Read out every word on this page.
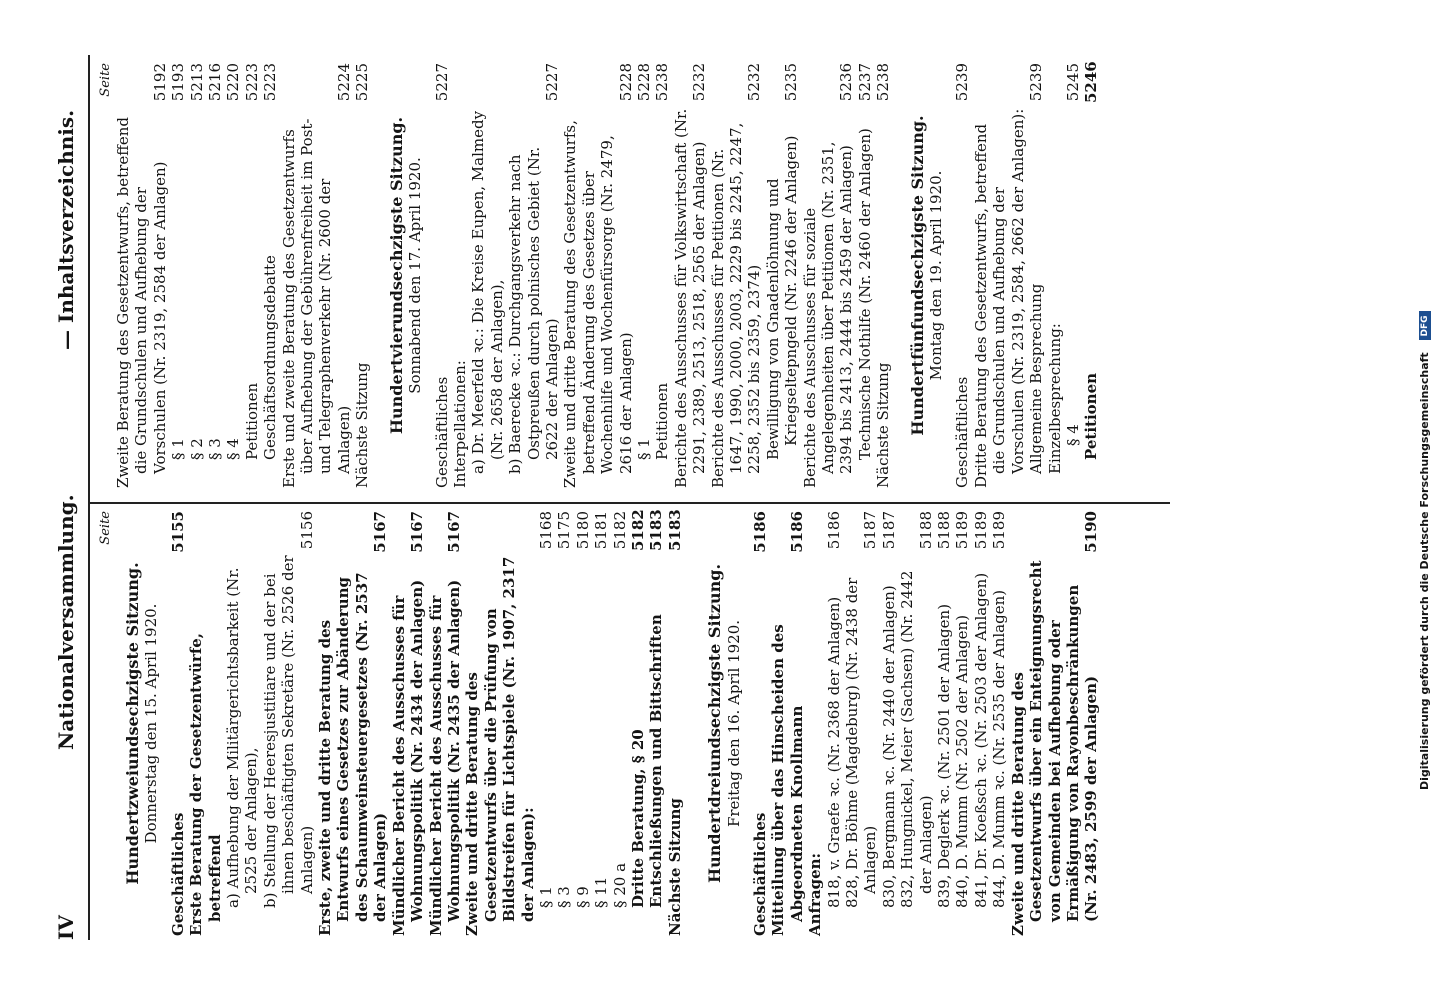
IV
Nationalversammlung.
— Inhaltsverzeichnis.
Seite
Hundertzweiundsechzigste Sitzung. Donnerstag den 15. April 1920.
Geschäftliches
5155
Erste Beratung der Gesetzentwürfe, betreffend a) Aufhebung der Militärgerichtsbarkeit (Nr. 2525 der Anlagen), b) Stellung der Heeresjustitiare und der bei ihnen beschäftigten Sekretäre (Nr. 2526 der Anlagen)
5156
Erste, zweite und dritte Beratung des Entwurfs eines Gesetzes zur Abänderung des Schaumweinsteuergesetzes (Nr. 2537 der Anlagen)
5167
Mündlicher Bericht des Ausschusses für Wohnungspolitik (Nr. 2434 der Anlagen)
5167
Mündlicher Bericht des Ausschusses für Wohnungspolitik (Nr. 2435 der Anlagen)
5167
Zweite und dritte Beratung des Gesetzentwurfs über die Prüfung von Bildstreifen für Lichtspiele (Nr. 1907, 2317 der Anlagen): § 1
5168
§ 3
5175
§ 9
5180
§ 11
5181
§ 20 a
5182
Dritte Beratung, § 20
5182
Entschließungen und Bittschriften
5183
Nächste Sitzung
5183
Hundertdreiundsechzigste Sitzung. Freitag den 16. April 1920.
Geschäftliches
5186
Mitteilung über das Hinscheiden des Abgeordneten Knollmann
5186
Anfragen: 818, v. Graefe ꝛc. (Nr. 2368 der Anlagen)
5186
828, Dr. Böhme (Magdeburg) (Nr. 2438 der Anlagen)
5187
830, Bergmann ꝛc. (Nr. 2440 der Anlagen)
5187
832, Hungnickel, Meier (Sachsen) (Nr. 2442 der Anlagen)
5188
839, Deglerk ꝛc. (Nr. 2501 der Anlagen)
5188
840, D. Mumm (Nr. 2502 der Anlagen)
5189
841, Dr. Koeßsch ꝛc. (Nr. 2503 der Anlagen)
5189
844, D. Mumm ꝛc. (Nr. 2535 der Anlagen)
5189
Zweite und dritte Beratung des Gesetzentwurfs über ein Enteignungsrecht von Gemeinden bei Aufhebung oder Ermäßigung von Rayonbeschränkungen (Nr. 2483, 2599 der Anlagen)
5190
Seite
Zweite Beratung des Gesetzentwurfs, betreffend die Grundschulen und Aufhebung der Vorschulen (Nr. 2319, 2584 der Anlagen)
5192
§ 1
5193
§ 2
5213
§ 3
5216
§ 4
5220
Petitionen
5223
Geschäftsordnungsdebatte
5223
Erste und zweite Beratung des Gesetzentwurfs über Aufhebung der Gebührenfreiheit im Post- und Telegraphenverkehr (Nr. 2600 der Anlagen)
5224
Nächste Sitzung
5225
Hundertvierundsechzigste Sitzung. Sonnabend den 17. April 1920.
Geschäftliches
5227
Interpellationen: a) Dr. Meerfeld ꝛc.: Die Kreise Eupen, Malmedy (Nr. 2658 der Anlagen), b) Baerecke ꝛc.: Durchgangsverkehr nach Ostpreußen durch polnisches Gebiet (Nr. 2622 der Anlagen)
5227
Zweite und dritte Beratung des Gesetzentwurfs, betreffend Änderung des Gesetzes über Wochenhilfe und Wochenfürsorge (Nr. 2479, 2616 der Anlagen)
5228
§ 1
5228
Petitionen
5238
Berichte des Ausschusses für Volkswirtschaft (Nr. 2291, 2389, 2513, 2518, 2565 der Anlagen)
5232
Berichte des Ausschusses für Petitionen (Nr. 1647, 1990, 2000, 2003, 2229 bis 2245, 2247, 2258, 2352 bis 2359, 2374)
5232
Bewilligung von Gnadenlöhnung und Kriegseltерngeld (Nr. 2246 der Anlagen)
5235
Berichte des Ausschusses für soziale Angelegenheiten über Petitionen (Nr. 2351, 2394 bis 2413, 2444 bis 2459 der Anlagen)
5236
Technische Nothilfe (Nr. 2460 der Anlagen)
5237
Nächste Sitzung
5238
Hundertfünfundsechzigste Sitzung. Montag den 19. April 1920.
Geschäftliches
5239
Dritte Beratung des Gesetzentwurfs, betreffend die Grundschulen und Aufhebung der Vorschulen (Nr. 2319, 2584, 2662 der Anlagen): Allgemeine Besprechung
5239
Einzelbesprechung: § 4
5245
Petitionen
5246
Digitalisierung gefördert durch die Deutsche Forschungsgemeinschaft DFG
